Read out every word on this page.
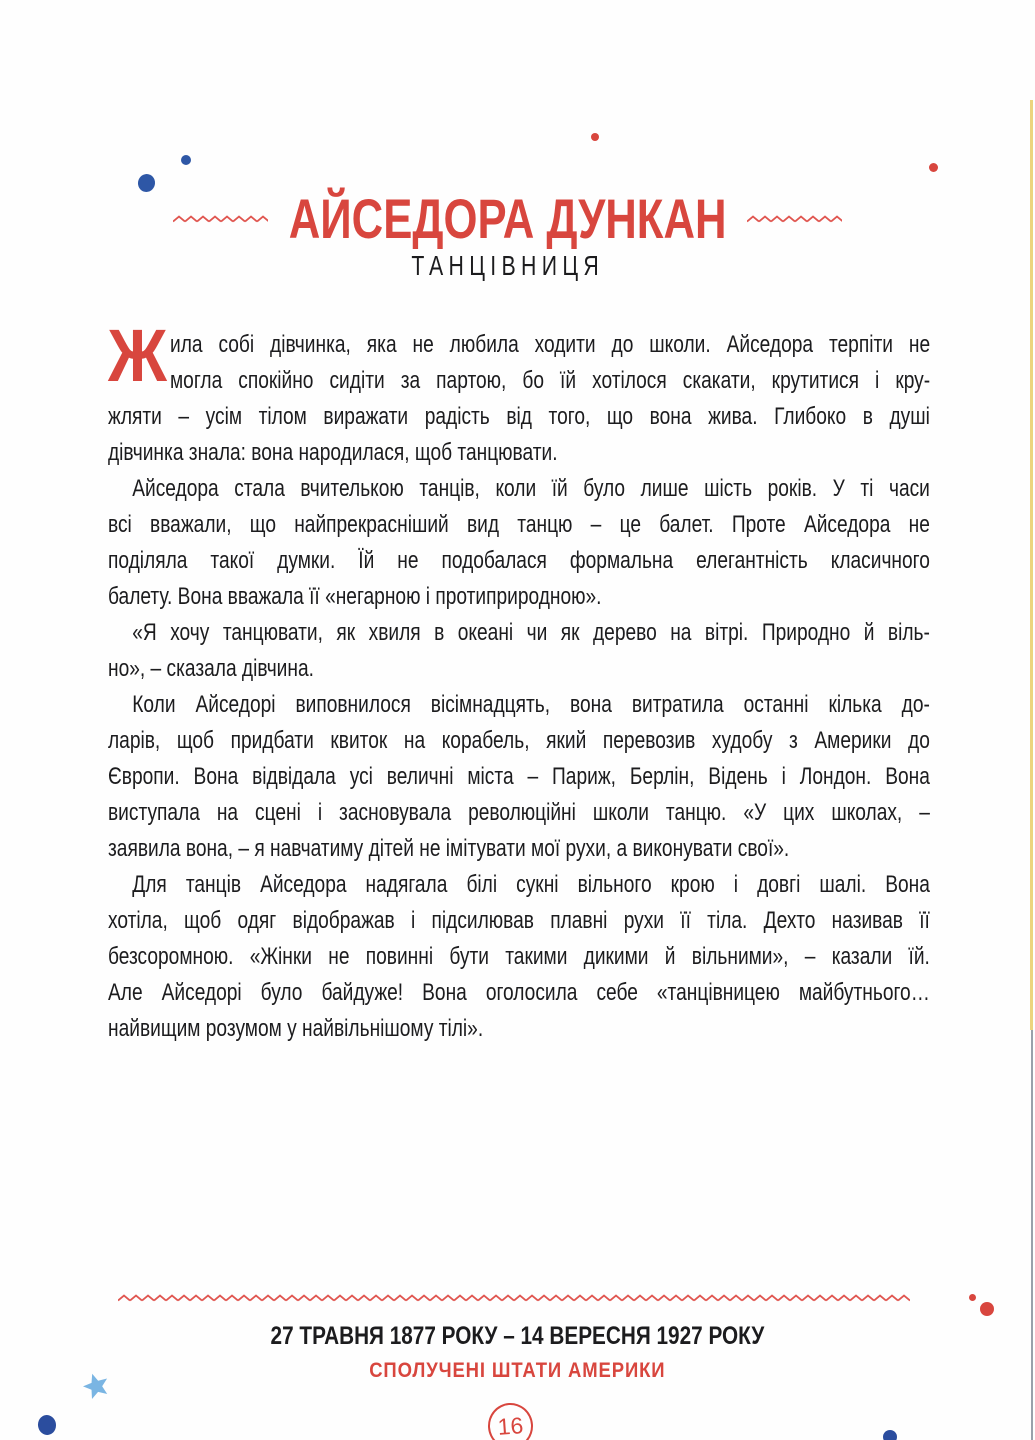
АЙСЕДОРА ДУНКАН
ТАНЦІВНИЦЯ
Ж ила собі дівчинка, яка не любила ходити до школи. Айседора терпіти не
могла спокійно сидіти за партою, бо їй хотілося скакати, крутитися і кру-
жляти – усім тілом виражати радість від того, що вона жива. Глибоко в душі
дівчинка знала: вона народилася, щоб танцювати.
Айседора стала вчителькою танців, коли їй було лише шість років. У ті часи
всі вважали, що найпрекрасніший вид танцю – це балет. Проте Айседора не
поділяла такої думки. Їй не подобалася формальна елегантність класичного
балету. Вона вважала її «негарною і протиприродною».
«Я хочу танцювати, як хвиля в океані чи як дерево на вітрі. Природно й віль-
но», – сказала дівчина.
Коли Айседорі виповнилося вісімнадцять, вона витратила останні кілька до-
ларів, щоб придбати квиток на корабель, який перевозив худобу з Америки до
Європи. Вона відвідала усі величні міста – Париж, Берлін, Відень і Лондон. Вона
виступала на сцені і засновувала революційні школи танцю. «У цих школах, –
заявила вона, – я навчатиму дітей не імітувати мої рухи, а виконувати свої».
Для танців Айседора надягала білі сукні вільного крою і довгі шалі. Вона
хотіла, щоб одяг відображав і підсилював плавні рухи її тіла. Дехто називав її
безсоромною. «Жінки не повинні бути такими дикими й вільними», – казали їй.
Але Айседорі було байдуже! Вона оголосила себе «танцівницею майбутнього…
найвищим розумом у найвільнішому тілі».
27 ТРАВНЯ 1877 РОКУ – 14 ВЕРЕСНЯ 1927 РОКУ
СПОЛУЧЕНІ ШТАТИ АМЕРИКИ
16
